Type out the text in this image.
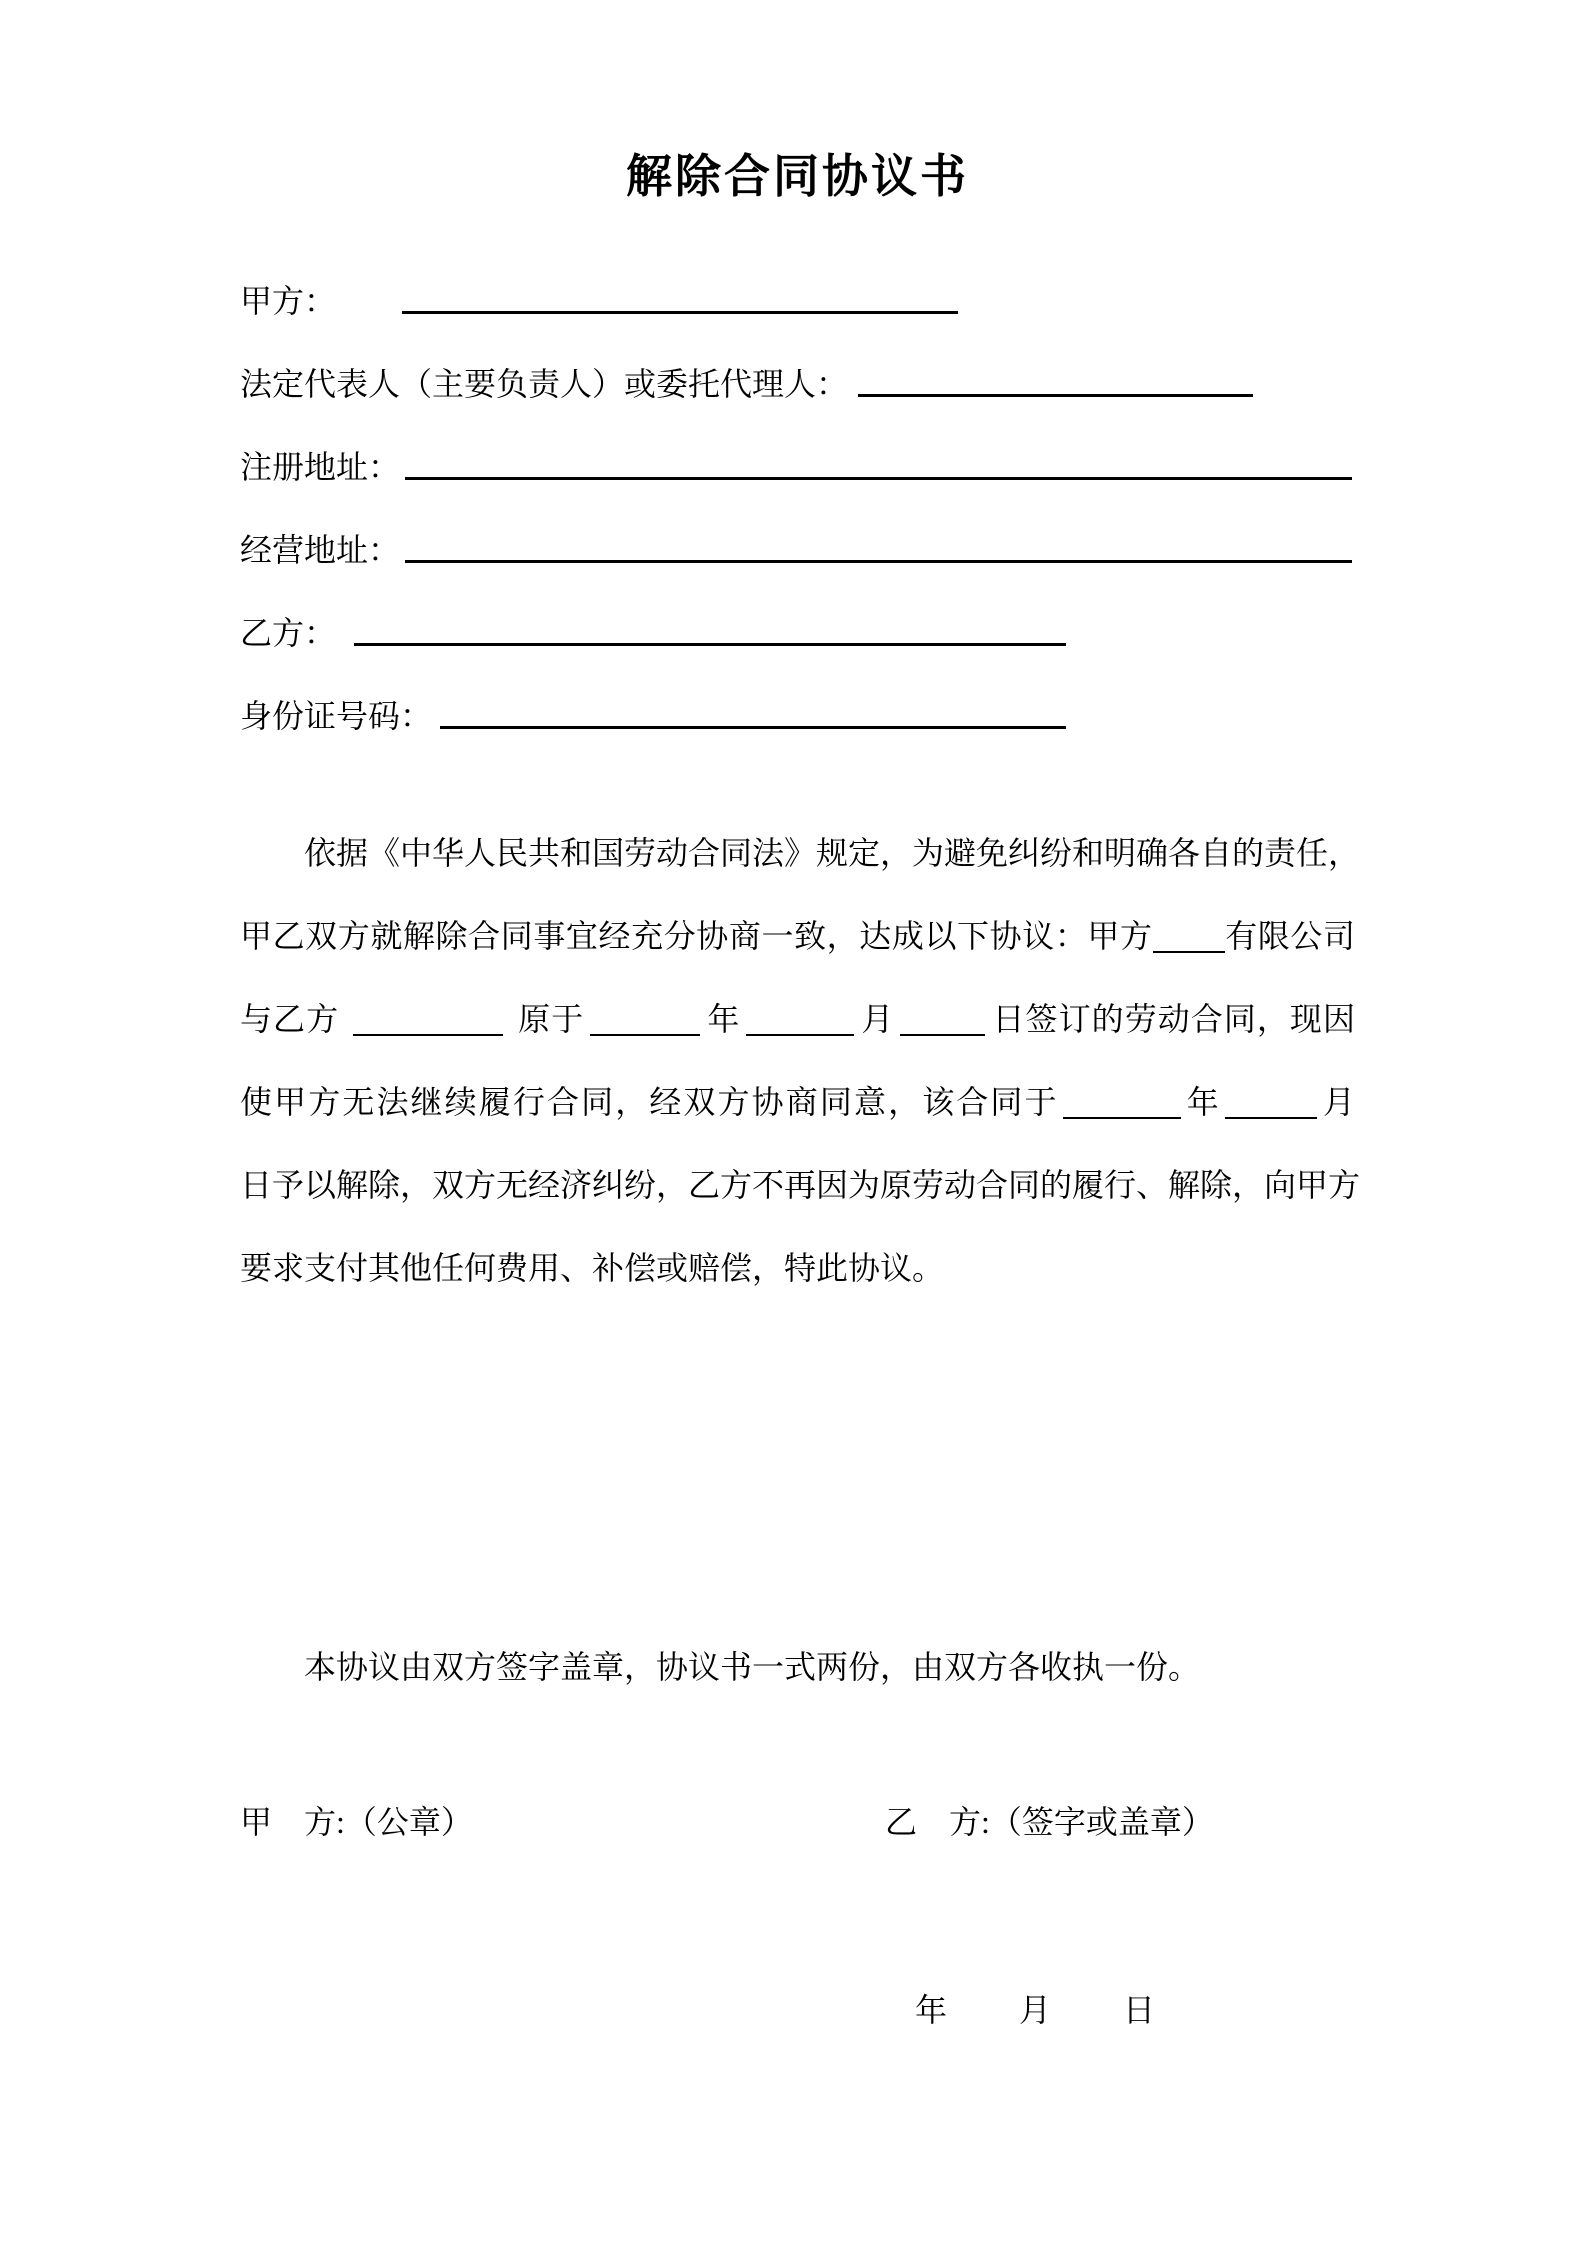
解除合同协议书
甲方：
法定代表人（主要负责人）或委托代理人：
注册地址：
经营地址：
乙方：
身份证号码：
依据《中华人民共和国劳动合同法》规定，为避免纠纷和明确各自的责任，
甲乙双方就解除合同事宜经充分协商一致，达成以下协议：甲方 有限公司
与乙方	原于	年	月	日签订的劳动合同，现因
使甲方无法继续履行合同，经双方协商同意，该合同于	年	月
日予以解除，双方无经济纠纷，乙方不再因为原劳动合同的履行、解除，向甲方
要求支付其他任何费用、补偿或赔偿，特此协议。
本协议由双方签字盖章，协议书一式两份，由双方各收执一份。
甲　方:（公章）	乙　方:（签字或盖章）
年 月 日
